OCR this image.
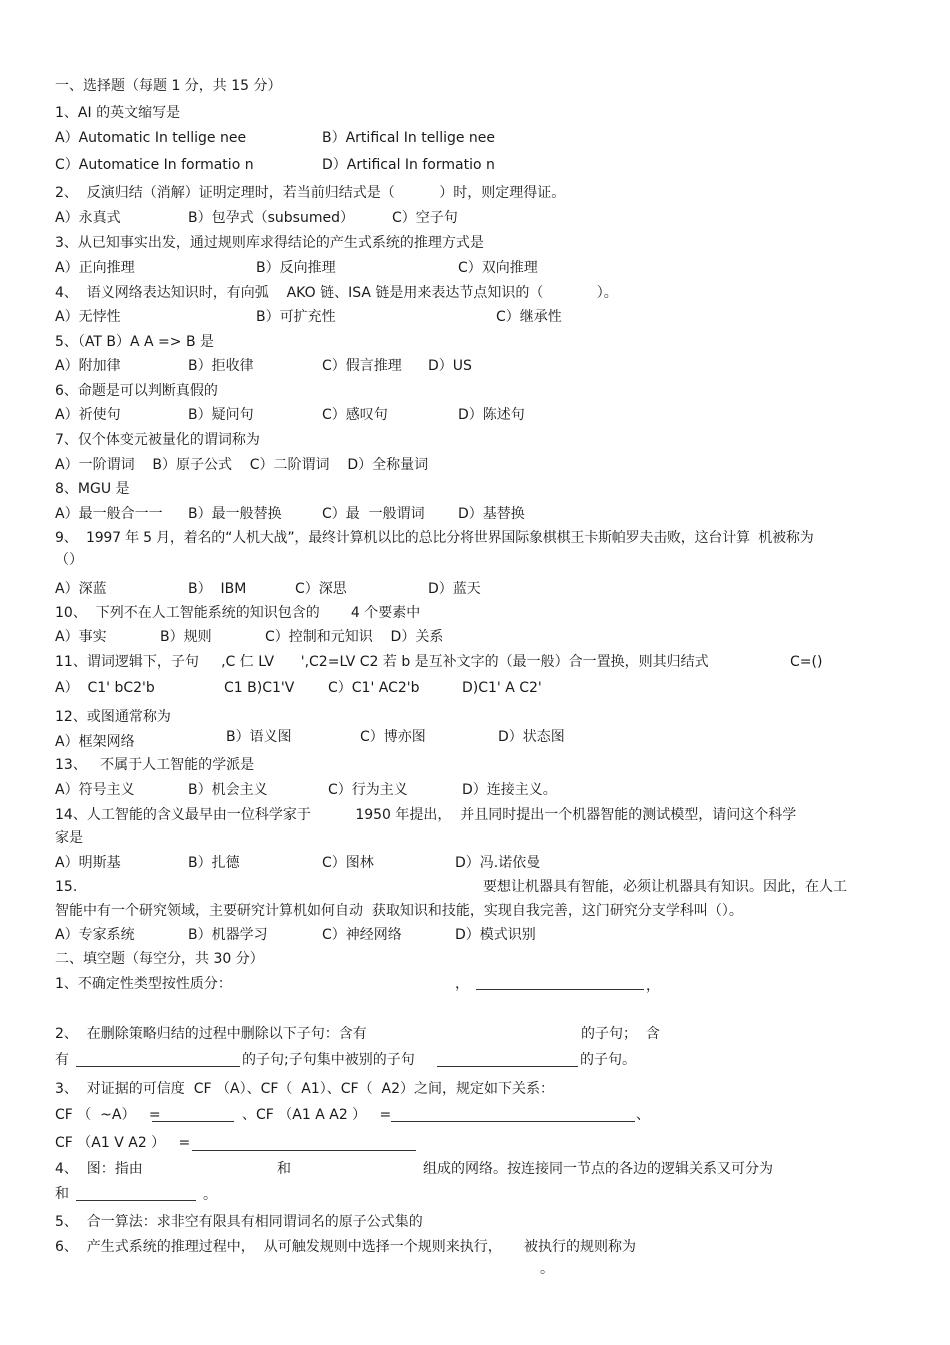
一、选择题（每题 1 分，共 15 分）
1、AI 的英文缩写是
A）Automatic In tellige nee	B）Artifical In tellige nee
C）Automatice In formatio n	D）Artifical In formatio n
2、  反演归结（消解）证明定理时，若当前归结式是（          ）时，则定理得证。
A）永真式	B）包孕式（subsumed）	C）空子句
3、从已知事实出发，通过规则库求得结论的产生式系统的推理方式是
A）正向推理	B）反向推理	C）双向推理
4、  语义网络表达知识时，有向弧    AKO 链、ISA 链是用来表达节点知识的（            ）。
A）无悖性	B）可扩充性	C）继承性
5、（AT B）A A => B 是
A）附加律	B）拒收律	C）假言推理 D）US
6、命题是可以判断真假的
A）祈使句	B）疑问句	C）感叹句	D）陈述句
7、仅个体变元被量化的谓词称为
A）一阶谓词    B）原子公式    C）二阶谓词    D）全称量词
8、MGU 是
A）最一般合一一 B）最一般替换	C）最  一般谓词 D）基替换
9、  1997 年 5 月，着名的“人机大战”，最终计算机以比的总比分将世界国际象棋棋王卡斯帕罗夫击败，这台计算  机被称为
（）
A）深蓝	B）  IBM	C）深思	D）蓝天
10、  下列不在人工智能系统的知识包含的       4 个要素中
A）事实            B）规则            C）控制和元知识    D）关系
11、谓词逻辑下，子句     ,C 仁 LV      ',C2=LV C2 若 b 是互补文字的（最一般）合一置换，则其归结式	C=()
A）  C1' bC2'b	C1 B)C1'V C）C1' AC2'b	D)C1' A C2'
12、或图通常称为
A）框架网络	B）语义图	C）博亦图	D）状态图
13、   不属于人工智能的学派是
A）符号主义	B）机会主义	C）行为主义	D）连接主义。
14、人工智能的含义最早由一位科学家于          1950 年提出，  并且同时提出一个机器智能的测试模型，请问这个科学
家是
A）明斯基	B）扎德	C）图林	D）冯.诺依曼
15.	要想让机器具有智能，必须让机器具有知识。因此，在人工
智能中有一个研究领域，主要研究计算机如何自动  获取知识和技能，实现自我完善，这门研究分支学科叫（）。
A）专家系统	B）机器学习	C）神经网络	D）模式识别
二、填空题（每空分，共 30 分）
1、不确定性类型按性质分：	，	，
2、  在删除策略归结的过程中删除以下子句：含有	的子句；  含
有	的子句;子句集中被别的子句	的子句。
3、  对证据的可信度  CF （A）、CF（  A1）、CF（  A2）之间，规定如下关系：
CF （  ~A）   =	、CF （A1 A A2 ）   =	、
CF （A1 V A2 ）   =
4、  图：指由	和	组成的网络。按连接同一节点的各边的逻辑关系又可分为
和	。
5、  合一算法：求非空有限具有相同谓词名的原子公式集的
6、  产生式系统的推理过程中，  从可触发规则中选择一个规则来执行，     被执行的规则称为
。
